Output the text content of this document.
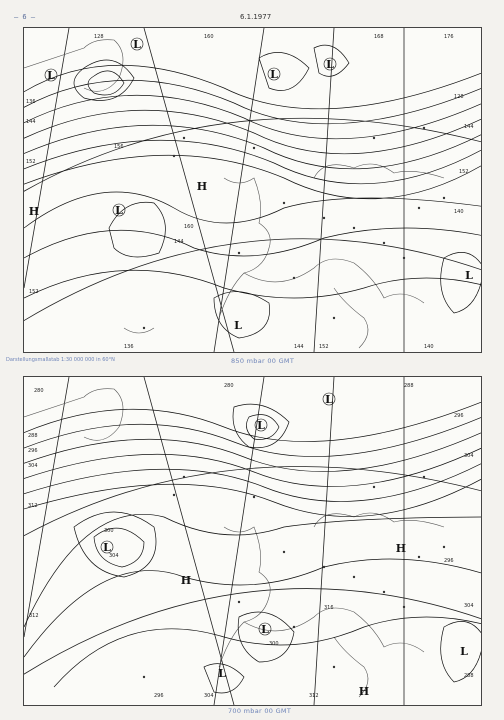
– 6 –	6.1.1977
L
L
L
L
L
L
L
H
H
128
136
144
152
160	168	176
128
144
152
140
152
160
136	144	152	140
144
156
Darstellungsmaßstab 1:30 000 000 in 60°N	850 mbar 00 GMT
L
L
L
L
L
L
H
H
H
280
288
296
304
312
280	288
296
304
300
304
312
296
304
300
304	312
316
288
296
700 mbar 00 GMT
